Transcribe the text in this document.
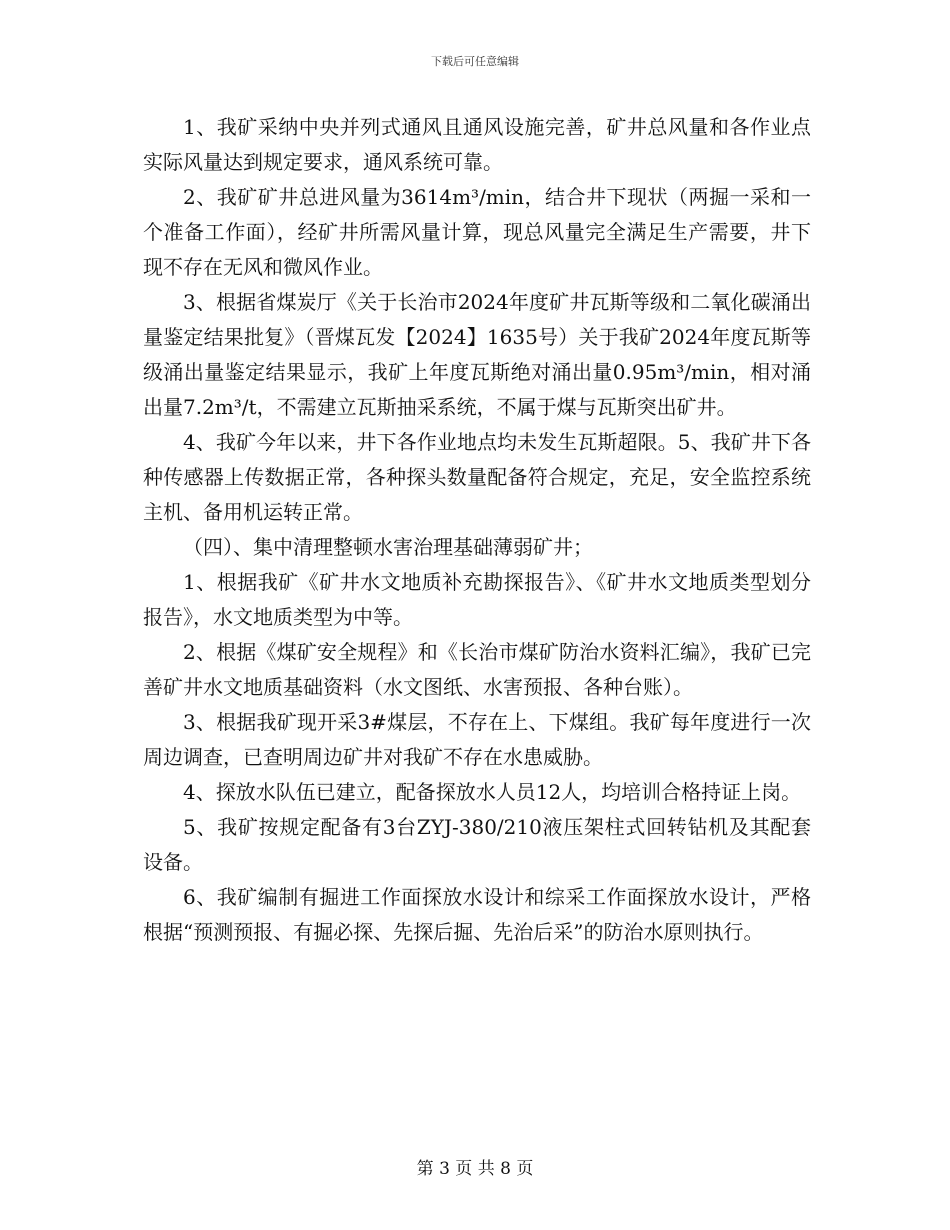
下载后可任意编辑

1、我矿采纳中央并列式通风且通风设施完善，矿井总风量和各作业点实际风量达到规定要求，通风系统可靠。

2、我矿矿井总进风量为3614m³/min，结合井下现状（两掘一采和一个准备工作面），经矿井所需风量计算，现总风量完全满足生产需要，井下现不存在无风和微风作业。

3、根据省煤炭厅《关于长治市2024年度矿井瓦斯等级和二氧化碳涌出量鉴定结果批复》（晋煤瓦发【2024】1635号）关于我矿2024年度瓦斯等级涌出量鉴定结果显示，我矿上年度瓦斯绝对涌出量0.95m³/min，相对涌出量7.2m³/t，不需建立瓦斯抽采系统，不属于煤与瓦斯突出矿井。

4、我矿今年以来，井下各作业地点均未发生瓦斯超限。5、我矿井下各种传感器上传数据正常，各种探头数量配备符合规定，充足，安全监控系统主机、备用机运转正常。

（四）、集中清理整顿水害治理基础薄弱矿井；

1、根据我矿《矿井水文地质补充勘探报告》、《矿井水文地质类型划分报告》，水文地质类型为中等。

2、根据《煤矿安全规程》和《长治市煤矿防治水资料汇编》，我矿已完善矿井水文地质基础资料（水文图纸、水害预报、各种台账）。

3、根据我矿现开采3#煤层，不存在上、下煤组。我矿每年度进行一次周边调查，已查明周边矿井对我矿不存在水患威胁。

4、探放水队伍已建立，配备探放水人员12人，均培训合格持证上岗。

5、我矿按规定配备有3台ZYJ-380/210液压架柱式回转钻机及其配套设备。

6、我矿编制有掘进工作面探放水设计和综采工作面探放水设计，严格根据“预测预报、有掘必探、先探后掘、先治后采”的防治水原则执行。

第 3 页 共 8 页
